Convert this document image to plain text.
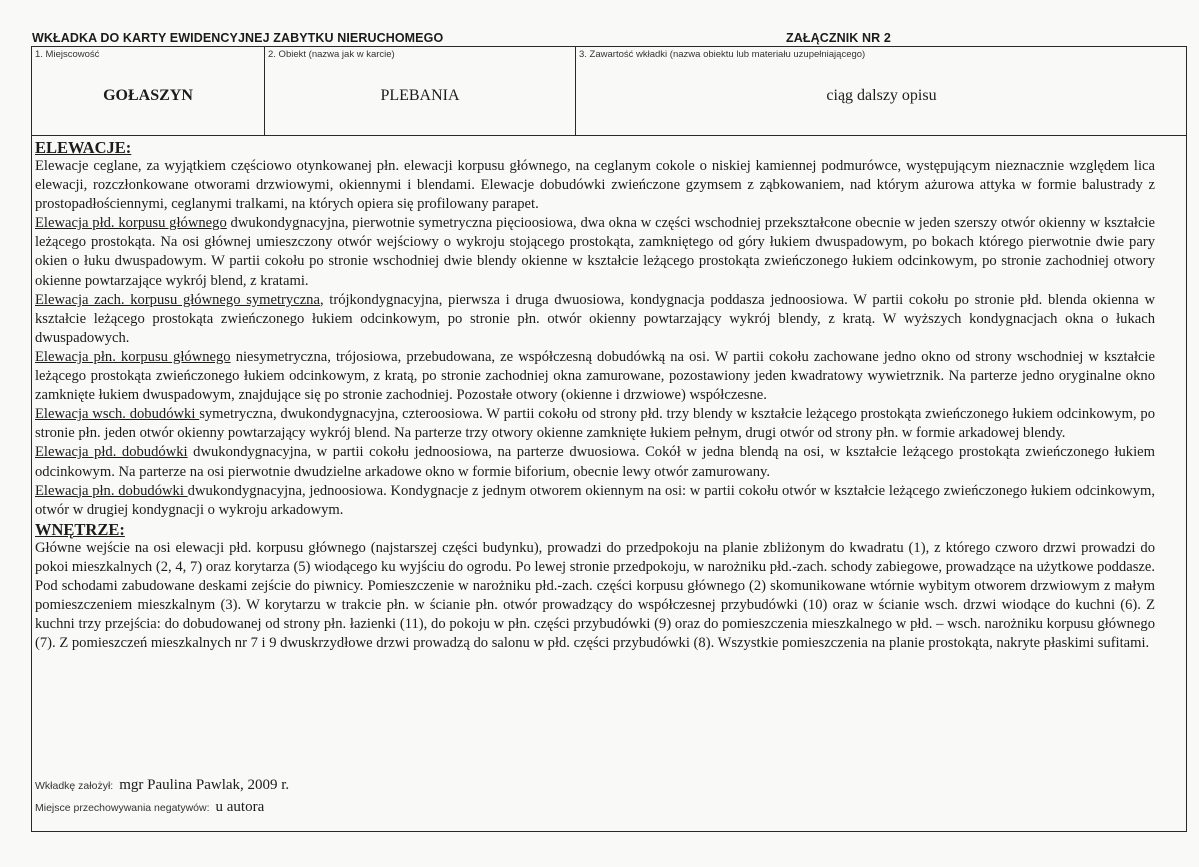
WKŁADKA DO KARTY EWIDENCYJNEJ ZABYTKU NIERUCHOMEGO	ZAŁĄCZNIK NR 2
1. Miejscowość
GOŁASZYN
2. Obiekt (nazwa jak w karcie)
PLEBANIA
3. Zawartość wkładki (nazwa obiektu lub materiału uzupełniającego)
ciąg dalszy opisu

ELEWACJE:

Elewacje ceglane, za wyjątkiem częściowo otynkowanej płn. elewacji korpusu głównego, na ceglanym cokole o niskiej kamiennej podmurówce, występującym nieznacznie względem lica elewacji, rozczłonkowane otworami drzwiowymi, okiennymi i blendami. Elewacje dobudówki zwieńczone gzymsem z ząbkowaniem, nad którym ażurowa attyka w formie balustrady z prostopadłościennymi, ceglanymi tralkami, na których opiera się profilowany parapet.

Elewacja płd. korpusu głównego dwukondygnacyjna, pierwotnie symetryczna pięcioosiowa, dwa okna w części wschodniej przekształcone obecnie w jeden szerszy otwór okienny w kształcie leżącego prostokąta. Na osi głównej umieszczony otwór wejściowy o wykroju stojącego prostokąta, zamkniętego od góry łukiem dwuspadowym, po bokach którego pierwotnie dwie pary okien o łuku dwuspadowym. W partii cokołu po stronie wschodniej dwie blendy okienne w kształcie leżącego prostokąta zwieńczonego łukiem odcinkowym, po stronie zachodniej otwory okienne powtarzające wykrój blend, z kratami.

Elewacja zach. korpusu głównego symetryczna, trójkondygnacyjna, pierwsza i druga dwuosiowa, kondygnacja poddasza jednoosiowa. W partii cokołu po stronie płd. blenda okienna w kształcie leżącego prostokąta zwieńczonego łukiem odcinkowym, po stronie płn. otwór okienny powtarzający wykrój blendy, z kratą. W wyższych kondygnacjach okna o łukach dwuspadowych.

Elewacja płn. korpusu głównego niesymetryczna, trójosiowa, przebudowana, ze współczesną dobudówką na osi. W partii cokołu zachowane jedno okno od strony wschodniej w kształcie leżącego prostokąta zwieńczonego łukiem odcinkowym, z kratą, po stronie zachodniej okna zamurowane, pozostawiony jeden kwadratowy wywietrznik. Na parterze jedno oryginalne okno zamknięte łukiem dwuspadowym, znajdujące się po stronie zachodniej. Pozostałe otwory (okienne i drzwiowe) współczesne.

Elewacja wsch. dobudówki symetryczna, dwukondygnacyjna, czteroosiowa. W partii cokołu od strony płd. trzy blendy w kształcie leżącego prostokąta zwieńczonego łukiem odcinkowym, po stronie płn. jeden otwór okienny powtarzający wykrój blend. Na parterze trzy otwory okienne zamknięte łukiem pełnym, drugi otwór od strony płn. w formie arkadowej blendy.

Elewacja płd. dobudówki dwukondygnacyjna, w partii cokołu jednoosiowa, na parterze dwuosiowa. Cokół w jedna blendą na osi, w kształcie leżącego prostokąta zwieńczonego łukiem odcinkowym. Na parterze na osi pierwotnie dwudzielne arkadowe okno w formie biforium, obecnie lewy otwór zamurowany.

Elewacja płn. dobudówki dwukondygnacyjna, jednoosiowa. Kondygnacje z jednym otworem okiennym na osi: w partii cokołu otwór w kształcie leżącego zwieńczonego łukiem odcinkowym, otwór w drugiej kondygnacji o wykroju arkadowym.

WNĘTRZE:

Główne wejście na osi elewacji płd. korpusu głównego (najstarszej części budynku), prowadzi do przedpokoju na planie zbliżonym do kwadratu (1), z którego czworo drzwi prowadzi do pokoi mieszkalnych (2, 4, 7) oraz korytarza (5) wiodącego ku wyjściu do ogrodu. Po lewej stronie przedpokoju, w narożniku płd.-zach. schody zabiegowe, prowadzące na użytkowe poddasze. Pod schodami zabudowane deskami zejście do piwnicy. Pomieszczenie w narożniku płd.-zach. części korpusu głównego (2) skomunikowane wtórnie wybitym otworem drzwiowym z małym pomieszczeniem mieszkalnym (3). W korytarzu w trakcie płn. w ścianie płn. otwór prowadzący do współczesnej przybudówki (10) oraz w ścianie wsch. drzwi wiodące do kuchni (6). Z kuchni trzy przejścia: do dobudowanej od strony płn. łazienki (11), do pokoju w płn. części przybudówki (9) oraz do pomieszczenia mieszkalnego w płd. – wsch. narożniku korpusu głównego (7). Z pomieszczeń mieszkalnych nr 7 i 9 dwuskrzydłowe drzwi prowadzą do salonu w płd. części przybudówki (8). Wszystkie pomieszczenia na planie prostokąta, nakryte płaskimi sufitami.

Wkładkę założył: mgr Paulina Pawlak, 2009 r.
Miejsce przechowywania negatywów: u autora
